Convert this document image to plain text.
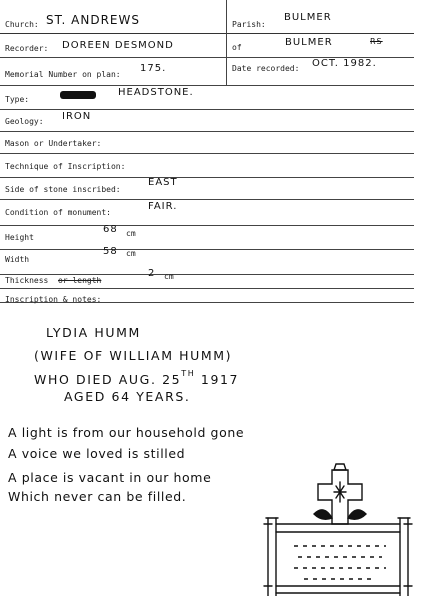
Church: ST. ANDREWS	Parish:
BULMER
Recorder: DOREEN DESMOND	of	BULMER	RS
Memorial Number on plan:
175.	Date recorded: OCT. 1982.
Type:
HEADSTONE.
Geology: IRON
Mason or Undertaker:
Technique of Inscription:
Side of stone inscribed:
EAST
Condition of monument:
FAIR.
Height
68 cm
Width
58 cm
Thickness or length
2 cm
Inscription & notes:
LYDIA HUMM
(WIFE OF WILLIAM HUMM)
WHO DIED AUG. 25TH 1917
AGED 64 YEARS.
A light is from our household gone
A voice we loved is stilled
A place is vacant in our home
Which never can be filled.
